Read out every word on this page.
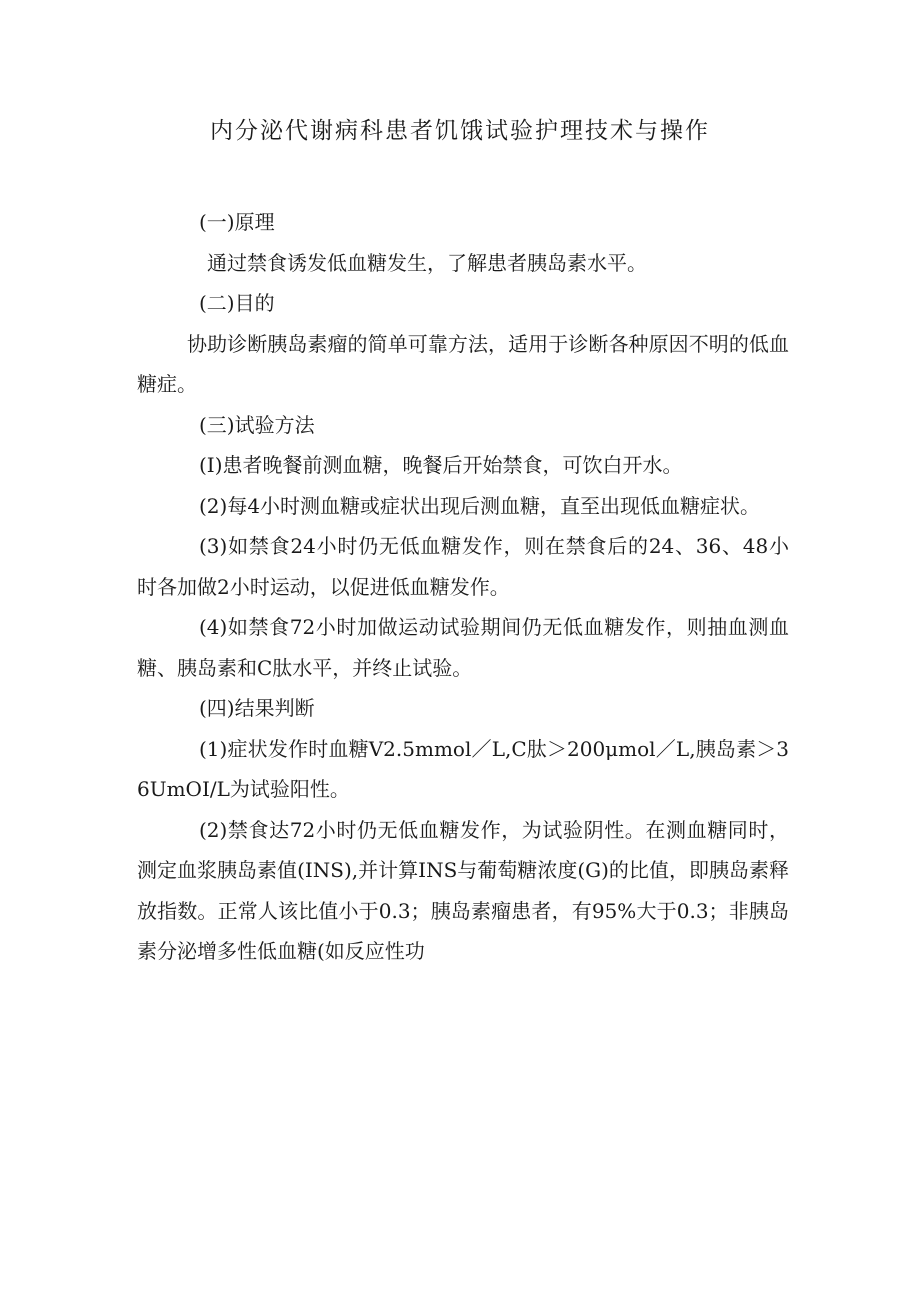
内分泌代谢病科患者饥饿试验护理技术与操作

(一)原理

通过禁食诱发低血糖发生，了解患者胰岛素水平。

(二)目的

协助诊断胰岛素瘤的简单可靠方法，适用于诊断各种原因不明的低血糖症。

(三)试验方法

(I)患者晚餐前测血糖，晚餐后开始禁食，可饮白开水。

(2)每4小时测血糖或症状出现后测血糖，直至出现低血糖症状。

(3)如禁食24小时仍无低血糖发作，则在禁食后的24、36、48小时各加做2小时运动，以促进低血糖发作。

(4)如禁食72小时加做运动试验期间仍无低血糖发作，则抽血测血糖、胰岛素和C肽水平，并终止试验。

(四)结果判断

(1)症状发作时血糖V2.5mmol／L,C肽＞200μmol／L,胰岛素＞36UmOI/L为试验阳性。

(2)禁食达72小时仍无低血糖发作，为试验阴性。在测血糖同时，测定血浆胰岛素值(INS),并计算INS与葡萄糖浓度(G)的比值，即胰岛素释放指数。正常人该比值小于0.3；胰岛素瘤患者，有95%大于0.3；非胰岛素分泌增多性低血糖(如反应性功
